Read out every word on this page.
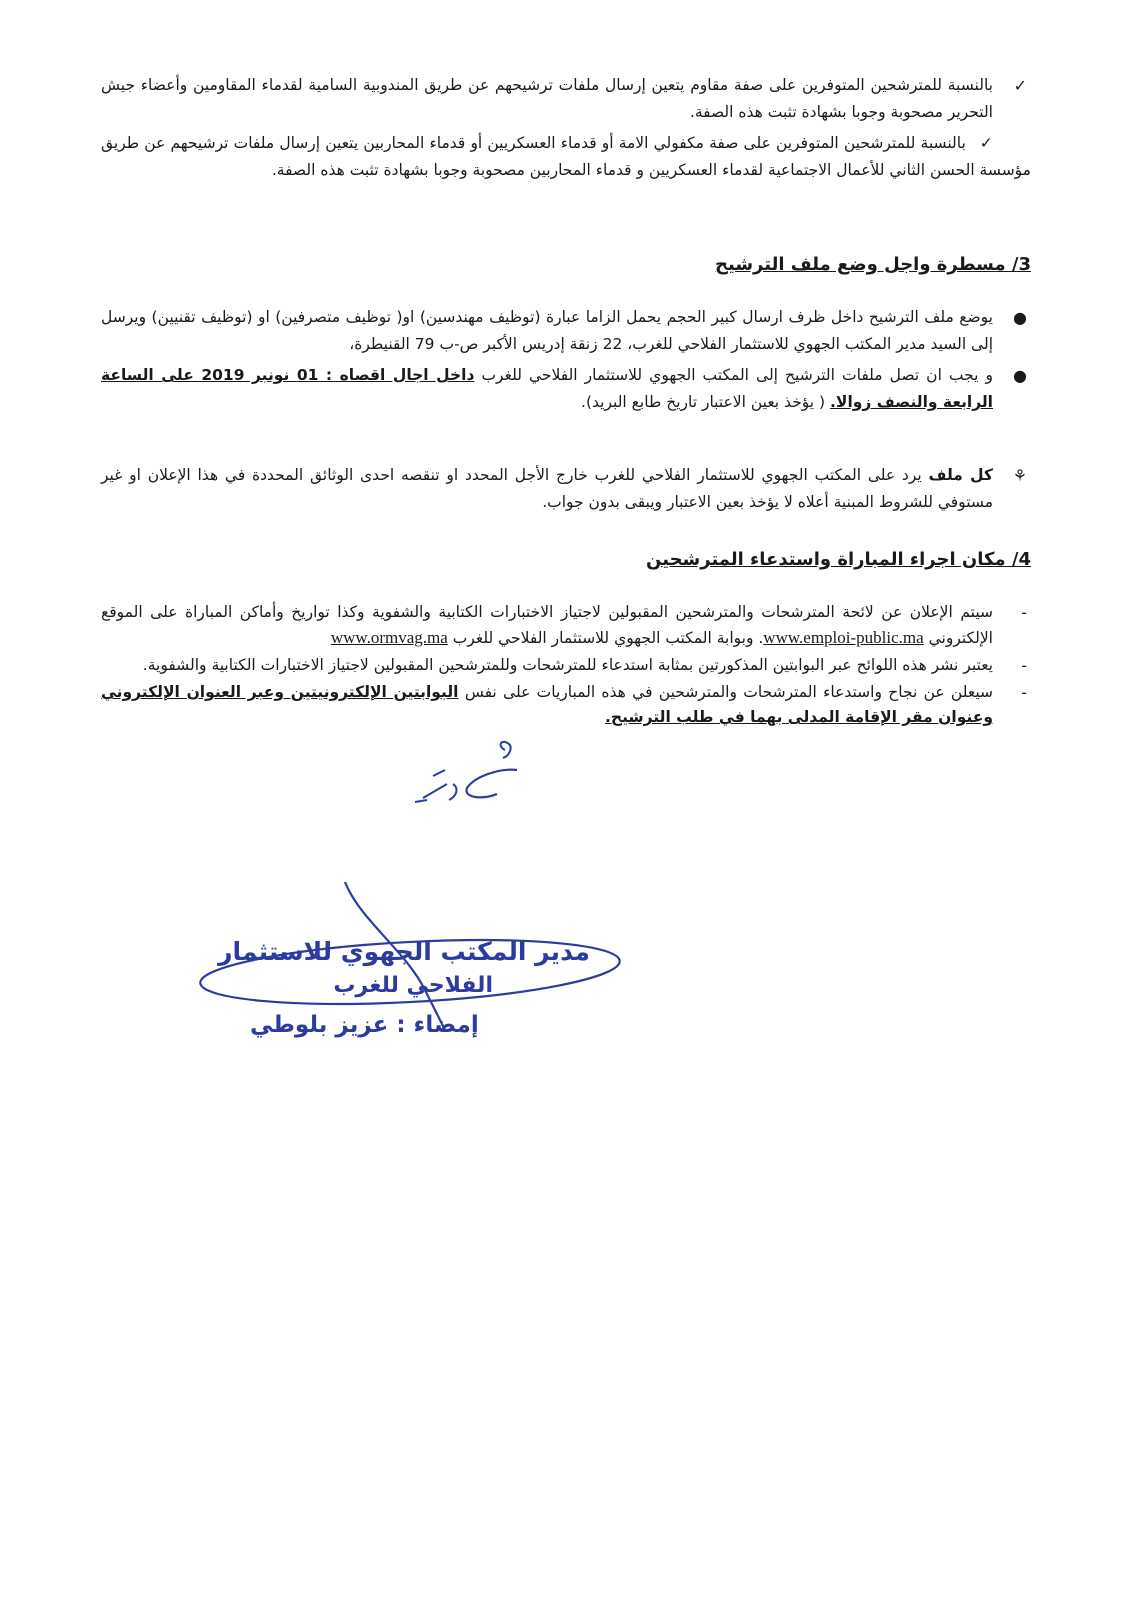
✓
بالنسبة للمترشحين المتوفرين على صفة مقاوم يتعين إرسال ملفات ترشيحهم عن طريق المندوبية السامية لقدماء المقاومين وأعضاء جيش التحرير مصحوبة وجوبا بشهادة تثبت هذه الصفة.
✓بالنسبة للمترشحين المتوفرين على صفة مكفولي الامة أو قدماء العسكريين أو قدماء المحاربين يتعين إرسال ملفات ترشيحهم عن طريق مؤسسة الحسن الثاني للأعمال الاجتماعية لقدماء العسكريين و قدماء المحاربين مصحوبة وجوبا بشهادة تثبت هذه الصفة.
3/ مسطرة واجل وضع ملف الترشيح
●
يوضع ملف الترشيح داخل ظرف ارسال كبير الحجم يحمل الزاما عبارة (توظيف مهندسين) او( توظيف متصرفين) او (توظيف تقنيين) ويرسل إلى السيد مدير المكتب الجهوي للاستثمار الفلاحي للغرب، 22 زنقة إدريس الأكبر ص-ب 79 القنيطرة،
●
و يجب ان تصل ملفات الترشيح إلى المكتب الجهوي للاستثمار الفلاحي للغرب داخل اجال اقصاه : 01 نونبر 2019 على الساعة الرابعة والنصف زوالا. ( يؤخذ بعين الاعتبار تاريخ طابع البريد).
⚘
كل ملف يرد على المكتب الجهوي للاستثمار الفلاحي للغرب خارج الأجل المحدد او تنقصه احدى الوثائق المحددة في هذا الإعلان او غير مستوفي للشروط المبنية أعلاه لا يؤخذ بعين الاعتبار ويبقى بدون جواب.
4/ مكان اجراء المباراة واستدعاء المترشحين
-
سيتم الإعلان عن لائحة المترشحات والمترشحين المقبولين لاجتياز الاختبارات الكتابية والشفوية وكذا تواريخ وأماكن المباراة على الموقع الإلكتروني www.emploi-public.ma. وبوابة المكتب الجهوي للاستثمار الفلاحي للغرب www.ormvag.ma
-
يعتبر نشر هذه اللوائح عبر البوابتين المذكورتين بمثابة استدعاء للمترشحات وللمترشحين المقبولين لاجتياز الاختبارات الكتابية والشفوية.
-
سيعلن عن نجاح واستدعاء المترشحات والمترشحين في هذه المباريات على نفس البوابتين الإلكترونيتين وعبر العنوان الإلكتروني وعنوان مقر الإقامة المدلى بهما في طلب الترشيح.
مدير المكتب الجهوي للاستثمار
الفلاحي للغرب
إمضاء : عزيز بلوطي
